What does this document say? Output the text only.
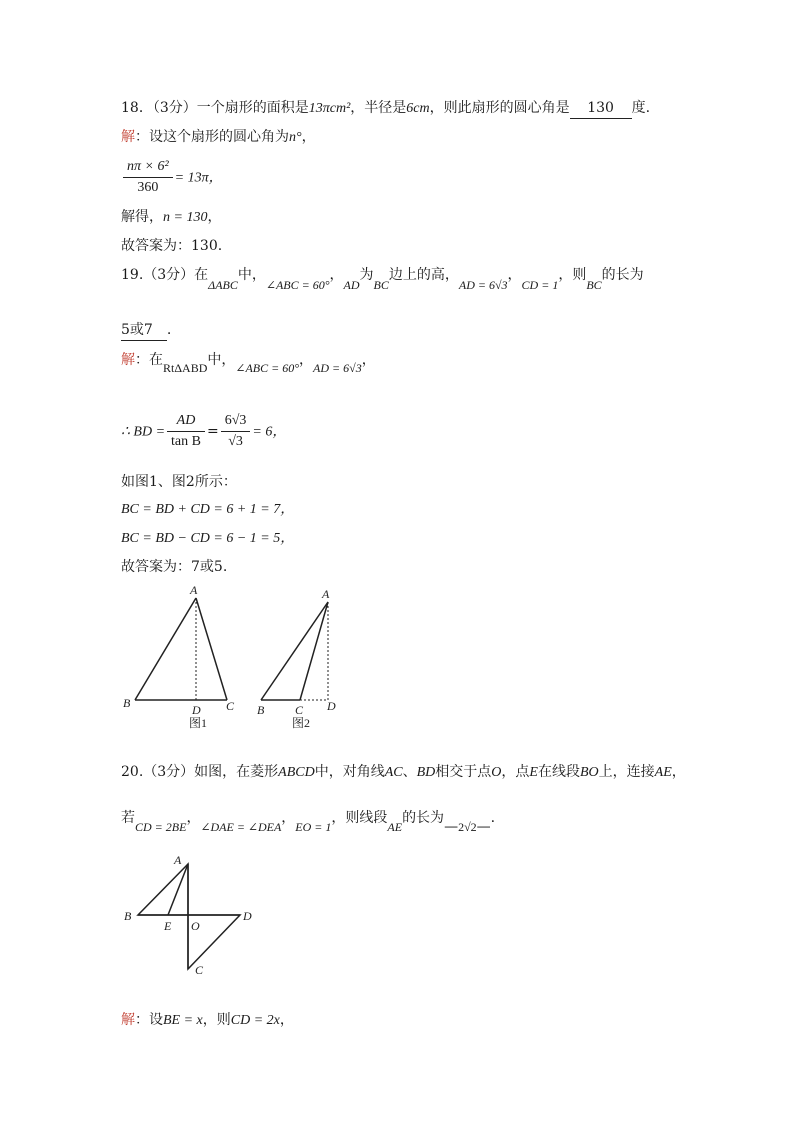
18．（3分）一个扇形的面积是13πcm²，半径是6cm，则此扇形的圆心角是 130 度.
解：设这个扇形的圆心角为n°，
$\frac{\text{nπ × 6²}}{360} = 13\pi$，
解得，n = 130，
故答案为：130.
19.（3分）在ΔABC中，∠ABC = 60°，AD为BC边上的高，AD = 6√3，CD = 1，则BC的长为
5或7 .
解：在RtΔABD中，∠ABC = 60°，AD = 6√3，
∴ BD = $\frac{AD}{\text{tan B}} = \frac{6√3}{√3} = 6$，
如图1、图2所示：
BC = BD + CD = 6 + 1 = 7，
BC = BD − CD = 6 − 1 = 5，
故答案为：7或5.
A
B	C
D
图1
A
B	C D
图2
20.（3分）如图，在菱形ABCD中，对角线AC、BD相交于点O，点E在线段BO上，连接AE，
若CD = 2BE，∠DAE = ∠DEA，EO = 1，则线段AE的长为—2√2—.
A
B
C
D
E O
解：设BE = x，则CD = 2x，
